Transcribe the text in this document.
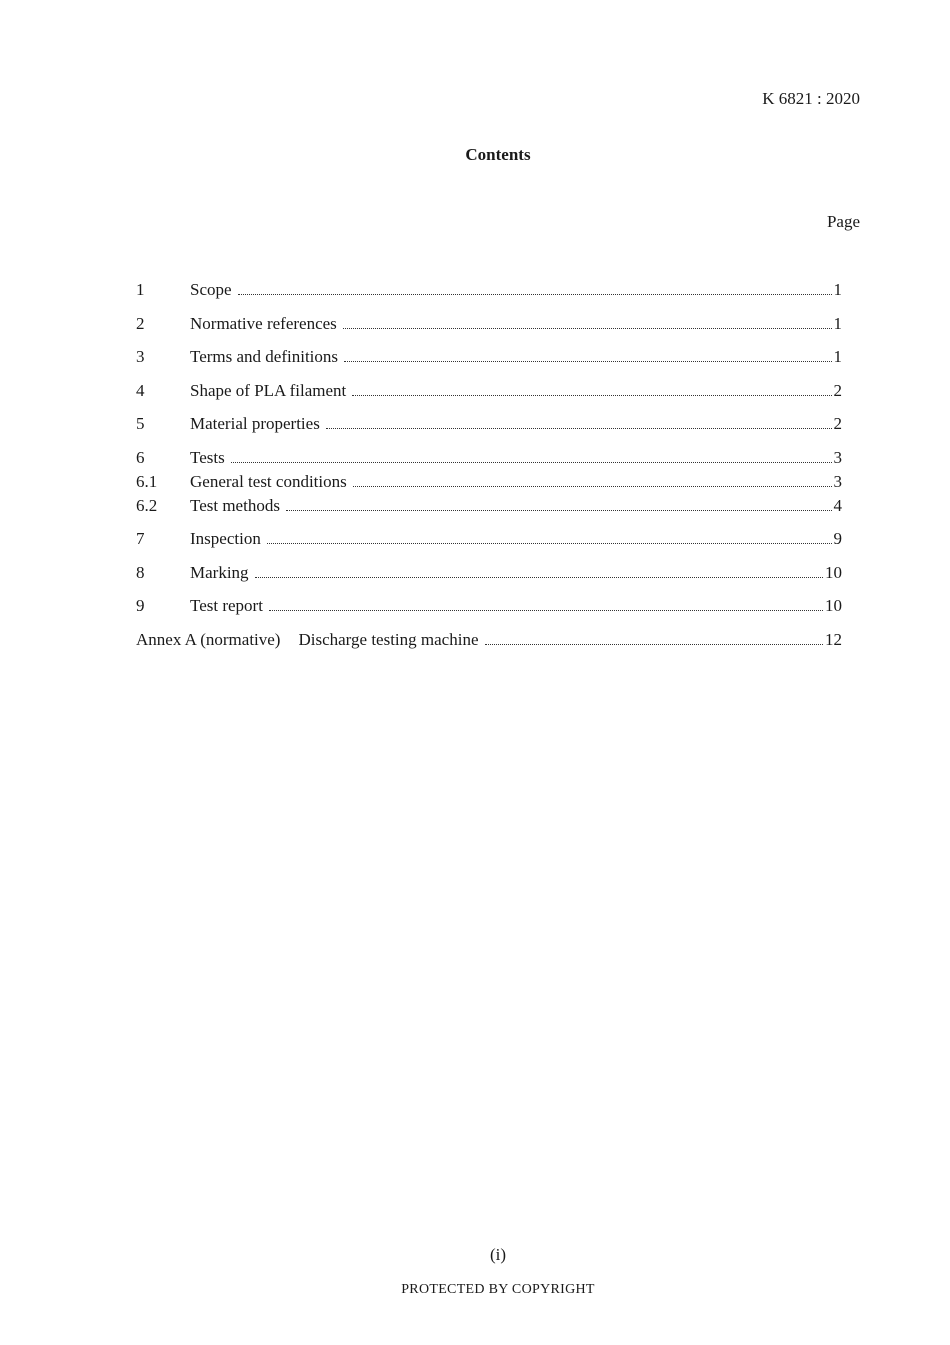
K 6821 : 2020
Contents
Page
1	Scope	1
2	Normative references	1
3	Terms and definitions	1
4	Shape of PLA filament	2
5	Material properties	2
6	Tests	3
6.1	General test conditions	3
6.2	Test methods	4
7	Inspection	9
8	Marking	10
9	Test report	10
Annex A (normative)	Discharge testing machine	12
(i)
PROTECTED BY COPYRIGHT
